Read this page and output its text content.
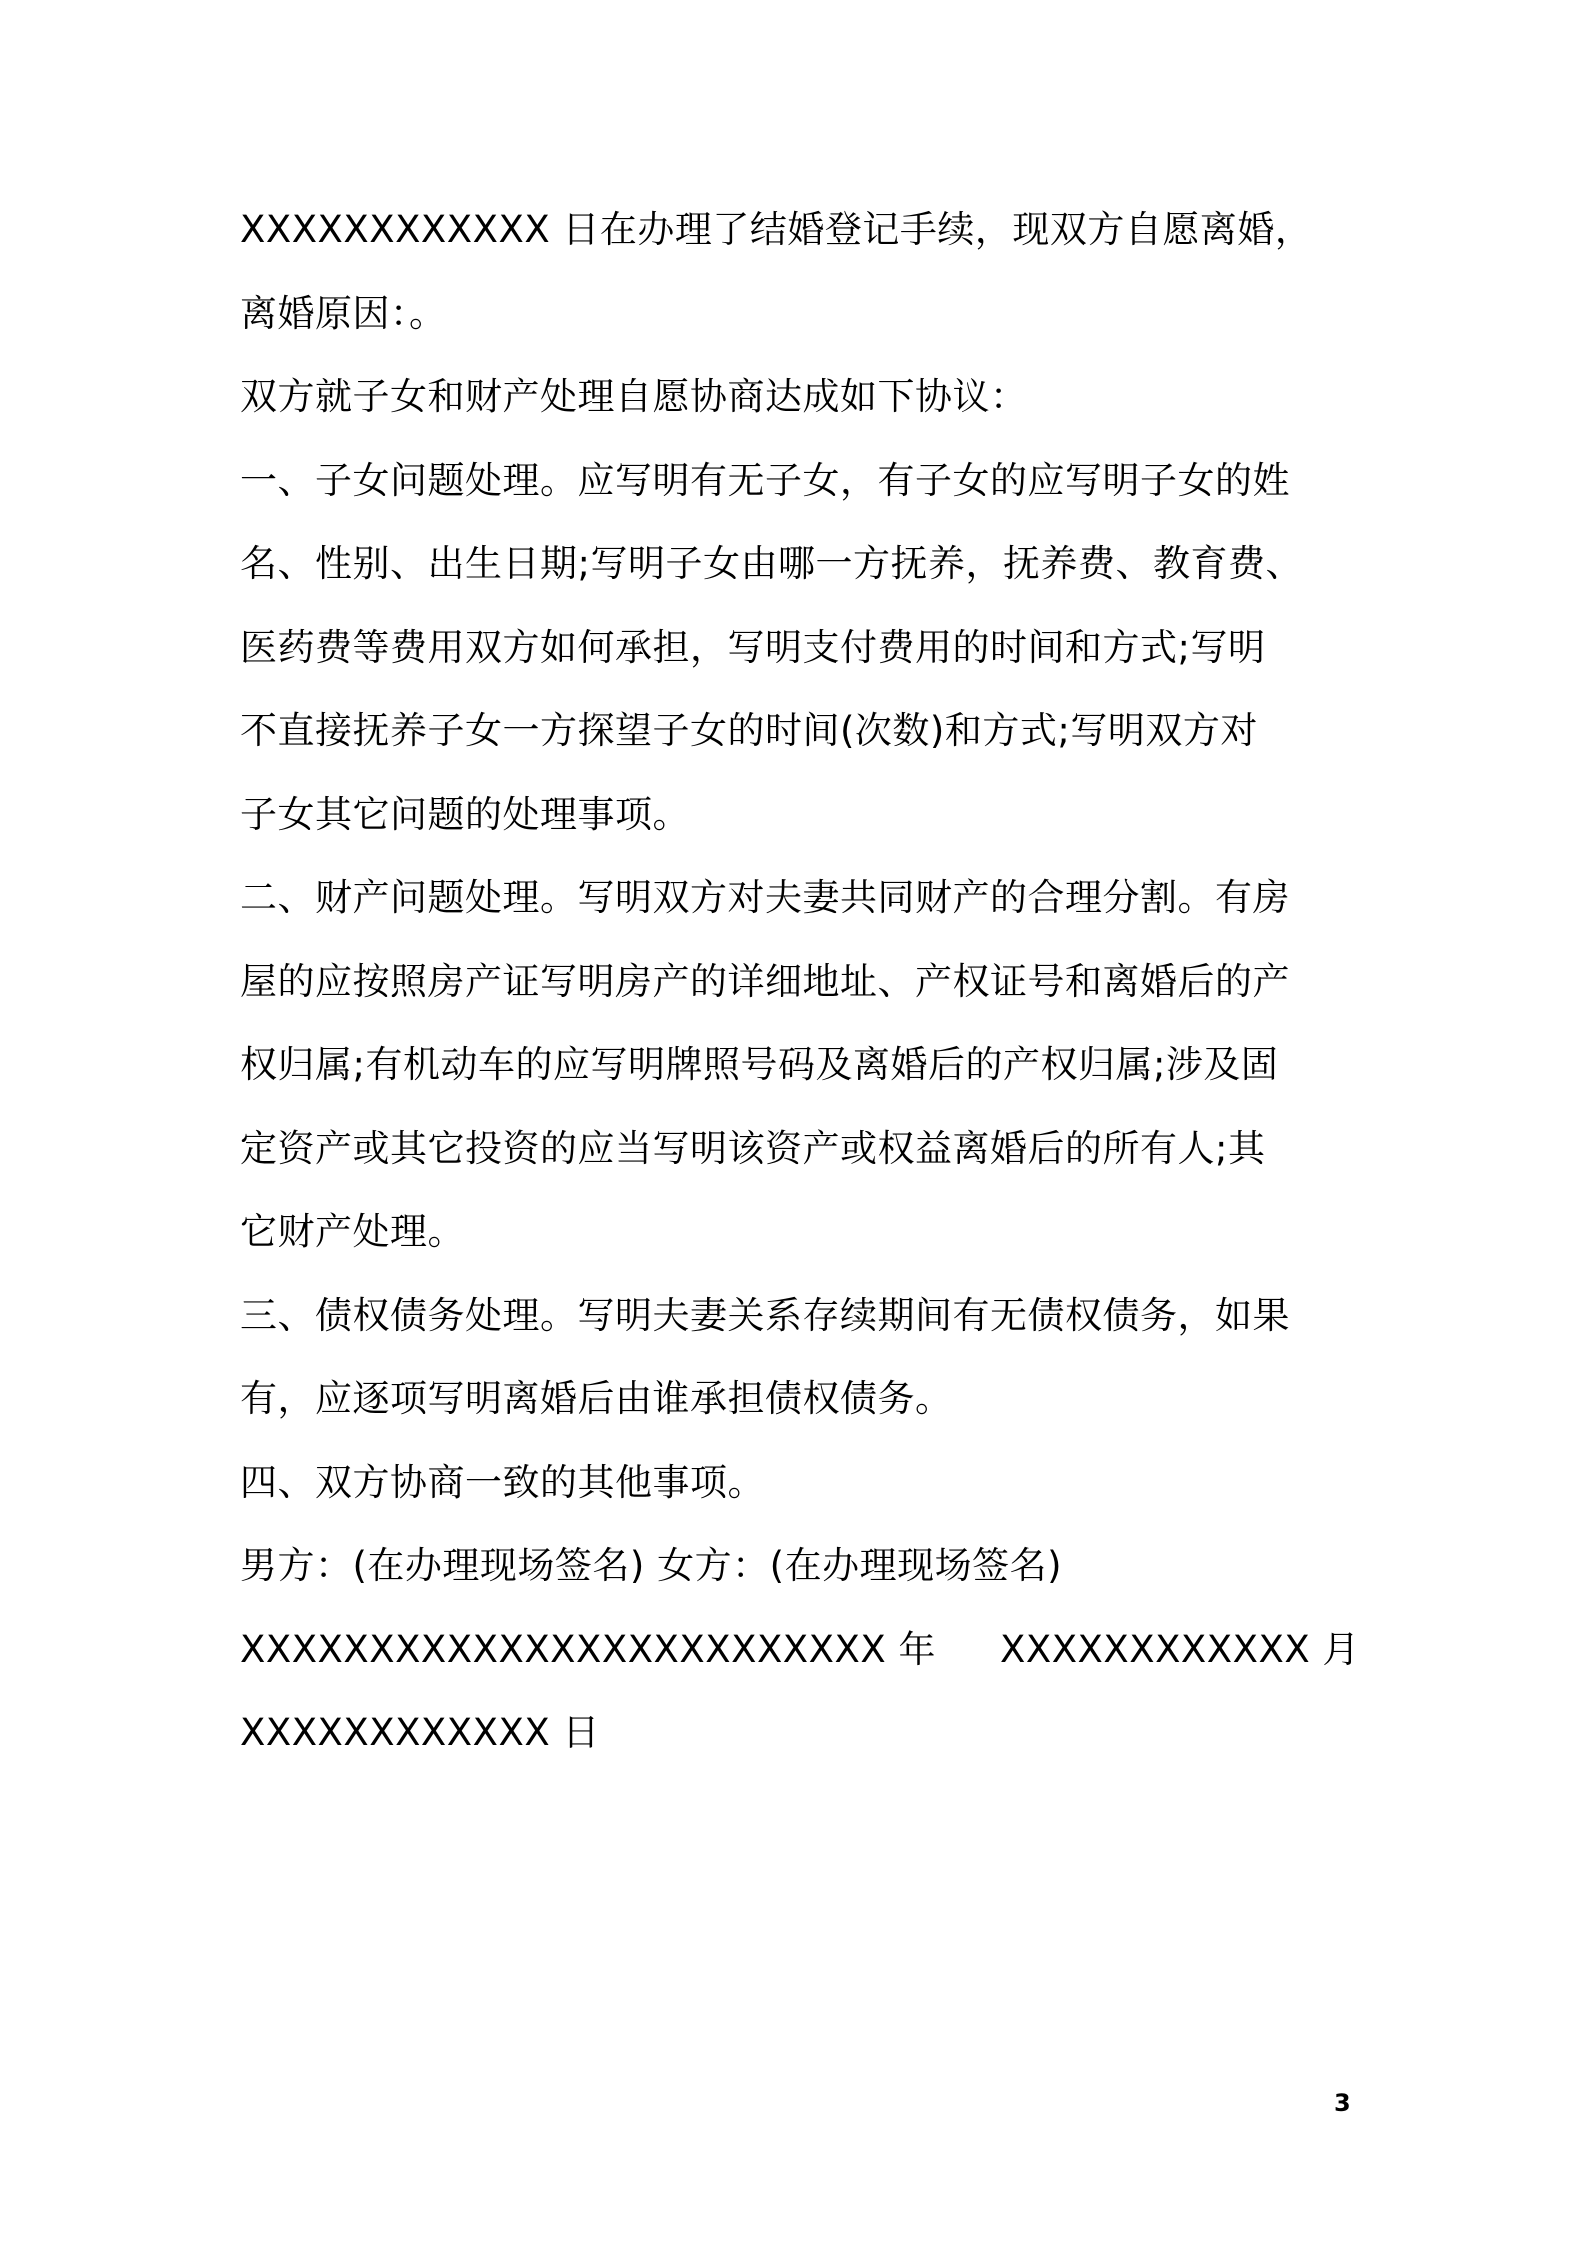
XXXXXXXXXXXX 日在办理了结婚登记手续，现双方自愿离婚，
离婚原因：。
双方就子女和财产处理自愿协商达成如下协议：
一、子女问题处理。应写明有无子女，有子女的应写明子女的姓
名、性别、出生日期;写明子女由哪一方抚养，抚养费、教育费、
医药费等费用双方如何承担，写明支付费用的时间和方式;写明
不直接抚养子女一方探望子女的时间(次数)和方式;写明双方对
子女其它问题的处理事项。
二、财产问题处理。写明双方对夫妻共同财产的合理分割。有房
屋的应按照房产证写明房产的详细地址、产权证号和离婚后的产
权归属;有机动车的应写明牌照号码及离婚后的产权归属;涉及固
定资产或其它投资的应当写明该资产或权益离婚后的所有人;其
它财产处理。
三、债权债务处理。写明夫妻关系存续期间有无债权债务，如果
有，应逐项写明离婚后由谁承担债权债务。
四、双方协商一致的其他事项。
男方：(在办理现场签名) 女方：(在办理现场签名)
XXXXXXXXXXXXXXXXXXXXXXXXX 年 XXXXXXXXXXXX 月
XXXXXXXXXXXX 日
3
